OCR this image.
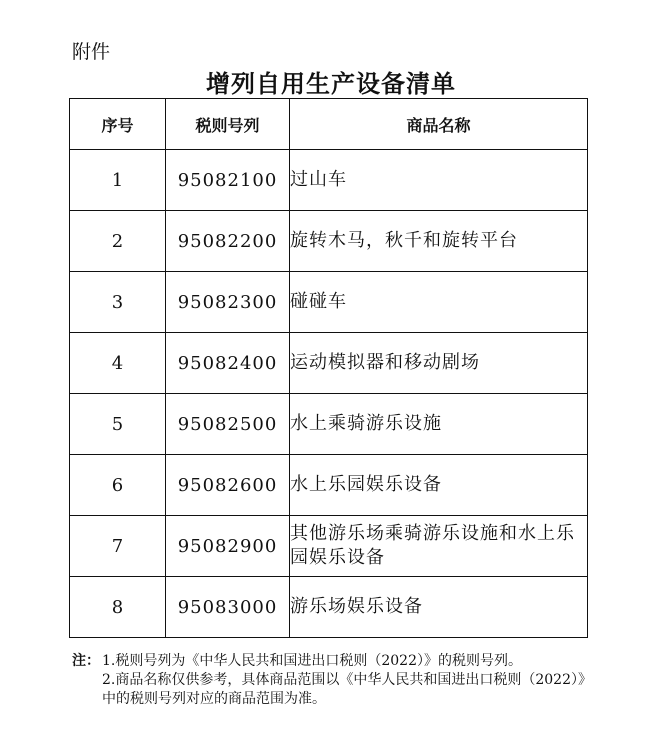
附件
增列自用生产设备清单
序号	税则号列	商品名称
1	95082100	过山车
2	95082200	旋转木马，秋千和旋转平台
3	95082300	碰碰车
4	95082400	运动模拟器和移动剧场
5	95082500	水上乘骑游乐设施
6	95082600	水上乐园娱乐设备
7	95082900	其他游乐场乘骑游乐设施和水上乐园娱乐设备
8	95083000	游乐场娱乐设备
注： 1.税则号列为《中华人民共和国进出口税则（2022）》的税则号列。
2.商品名称仅供参考，具体商品范围以《中华人民共和国进出口税则（2022）》中的税则号列对应的商品范围为准。
